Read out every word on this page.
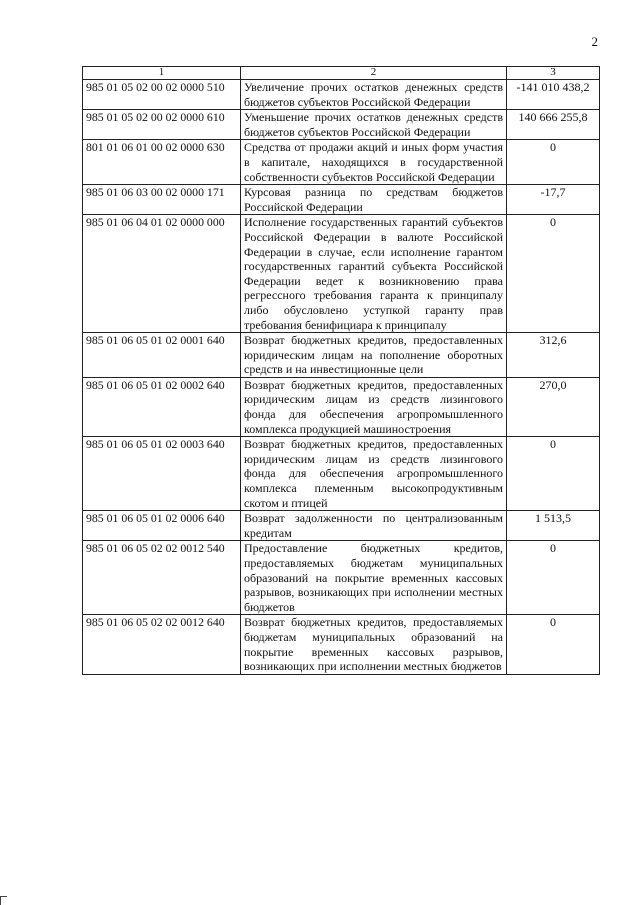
2
1	2	3
985 01 05 02 00 02 0000 510	Увеличение прочих остатков денежных средств бюджетов субъектов Российской Федерации	-141 010 438,2
985 01 05 02 00 02 0000 610	Уменьшение прочих остатков денежных средств бюджетов субъектов Российской Федерации	140 666 255,8
801 01 06 01 00 02 0000 630	Средства от продажи акций и иных форм участия в капитале, находящихся в государственной собственности субъектов Российской Федерации	0
985 01 06 03 00 02 0000 171	Курсовая разница по средствам бюджетов Российской Федерации	-17,7
985 01 06 04 01 02 0000 000	Исполнение государственных гарантий субъектов Российской Федерации в валюте Российской Федерации в случае, если исполнение гарантом государственных гарантий субъекта Российской Федерации ведет к возникновению права регрессного требования гаранта к принципалу либо обусловлено уступкой гаранту прав требования бенифициара к принципалу	0
985 01 06 05 01 02 0001 640	Возврат бюджетных кредитов, предоставленных юридическим лицам на пополнение оборотных средств и на инвестиционные цели	312,6
985 01 06 05 01 02 0002 640	Возврат бюджетных кредитов, предоставленных юридическим лицам из средств лизингового фонда для обеспечения агропромышленного комплекса продукцией машиностроения	270,0
985 01 06 05 01 02 0003 640	Возврат бюджетных кредитов, предоставленных юридическим лицам из средств лизингового фонда для обеспечения агропромышленного комплекса племенным высокопродуктивным скотом и птицей	0
985 01 06 05 01 02 0006 640	Возврат задолженности по централизованным кредитам	1 513,5
985 01 06 05 02 02 0012 540	Предоставление бюджетных кредитов, предоставляемых бюджетам муниципальных образований на покрытие временных кассовых разрывов, возникающих при исполнении местных бюджетов	0
985 01 06 05 02 02 0012 640	Возврат бюджетных кредитов, предоставляемых бюджетам муниципальных образований на покрытие временных кассовых разрывов, возникающих при исполнении местных бюджетов	0
